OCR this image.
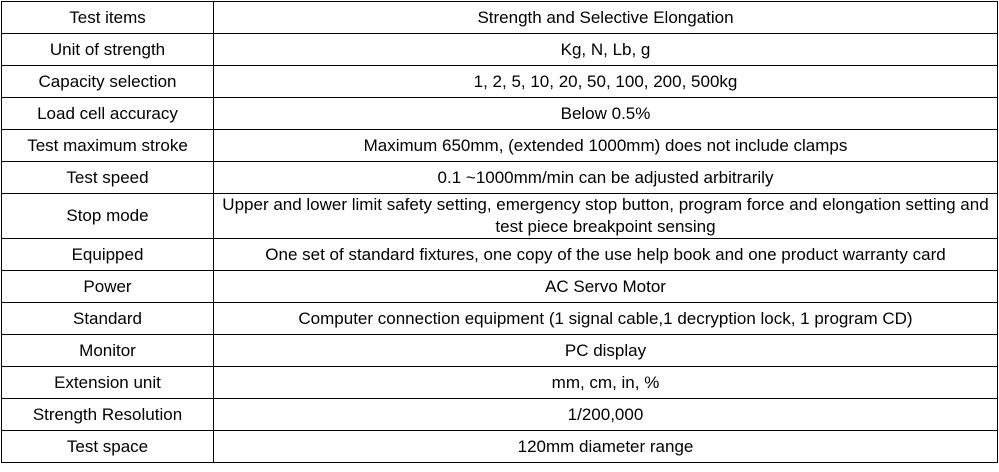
Test items	Strength and Selective Elongation
Unit of strength	Kg, N, Lb, g
Capacity selection	1, 2, 5, 10, 20, 50, 100, 200, 500kg
Load cell accuracy	Below 0.5%
Test maximum stroke	Maximum 650mm, (extended 1000mm) does not include clamps
Test speed	0.1 ~1000mm/min can be adjusted arbitrarily
Stop mode	Upper and lower limit safety setting, emergency stop button, program force and elongation setting and test piece breakpoint sensing
Equipped	One set of standard fixtures, one copy of the use help book and one product warranty card
Power	AC Servo Motor
Standard	Computer connection equipment (1 signal cable,1 decryption lock, 1 program CD)
Monitor	PC display
Extension unit	mm, cm, in, %
Strength Resolution	1/200,000
Test space	120mm diameter range
